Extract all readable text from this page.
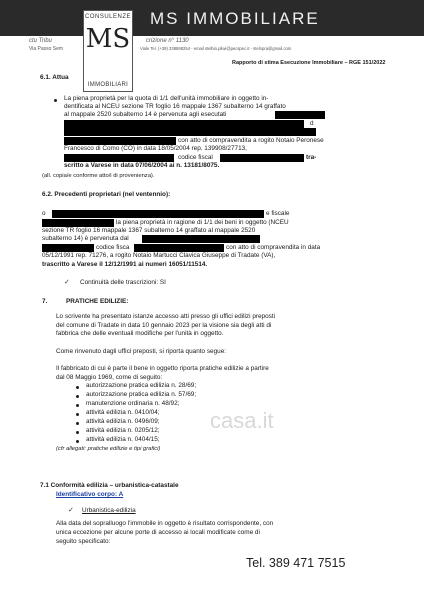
MS IMMOBILIARE
CONSULENZE
MS
IMMOBILIARI
ctu Tribu
Via Passo Sem
crizione n° 1130
Viale Tel. (+39) 338888254 - email stelbio.pilwi@pecspec.it - stelnpra@gmail.com
Rapporto di stima Esecuzione Immobiliare – RGE 151/2022
6.1. Attua
La piena proprietà per la quota di 1/1 dell'unità immobiliare in oggetto in-
dentificata al NCEU sezione TR foglio 16 mappale 1367 subalterno 14 graffato
al mappale 2520 subalterno 14 è pervenuta agli esecutati
d
con atto di compravendita a rogito Notaio Peronese
Francesco di Como (CO) in data 18/05/2004 rep. 139908/27713,
codice fiscal	tra-
scritto a Varese in data 07/06/2004 ai n. 13181/8075.
(all. copia/e conforme atto/i di provenienza).
6.2. Precedenti proprietari (nel ventennio):
o	e fiscale
la piena proprietà in ragione di 1/1 dei beni in oggetto (NCEU
sezione TR foglio 16 mappale 1367 subalterno 14 graffato al mappale 2520
subalterno 14) è pervenuta dal
codice fisca	con atto di compravendita in data
05/12/1991 rep. 71276, a rogito Notaio Martucci Clavica Giuseppe di Tradate (VA),
trascritto a Varese il 12/12/1991 ai numeri 16051/11514.
✓ Continuità delle trascrizioni: SI
7.	PRATICHE EDILIZIE:
Lo scrivente ha presentato istanze accesso atti presso gli uffici edilizi preposti
del comune di Tradate in data 10 gennaio 2023 per la visione sia degli atti di
fabbrica che delle eventuali modifiche per l'unità in oggetto.
Come rinvenuto dagli uffici preposti, si riporta quanto segue:
Il fabbricato di cui è parte il bene in oggetto riporta pratiche edilizie a partire
dal 08 Maggio 1969, come di seguito:
autorizzazione pratica edilizia n. 28/69;
autorizzazione pratica edilizia n. 57/69;
manutenzione ordinaria n. 48/92;
attività edilizia n. 0410/04;
attività edilizia n. 0496/09;
attività edilizia n. 0205/12;
attività edilizia n. 0404/15;
(cfr allegati: pratiche edilizie e tipi grafici)
casa.it
7.1 Conformità edilizia – urbanistica-catastale
Identificativo corpo: A
✓ Urbanistica-edilizia
Alla data del sopralluogo l'immobile in oggetto è risultato corrispondente, con
unica eccezione per alcune porte di accesso ai locali modificate come di
seguito specificato:
Tel. 389 471 7515
